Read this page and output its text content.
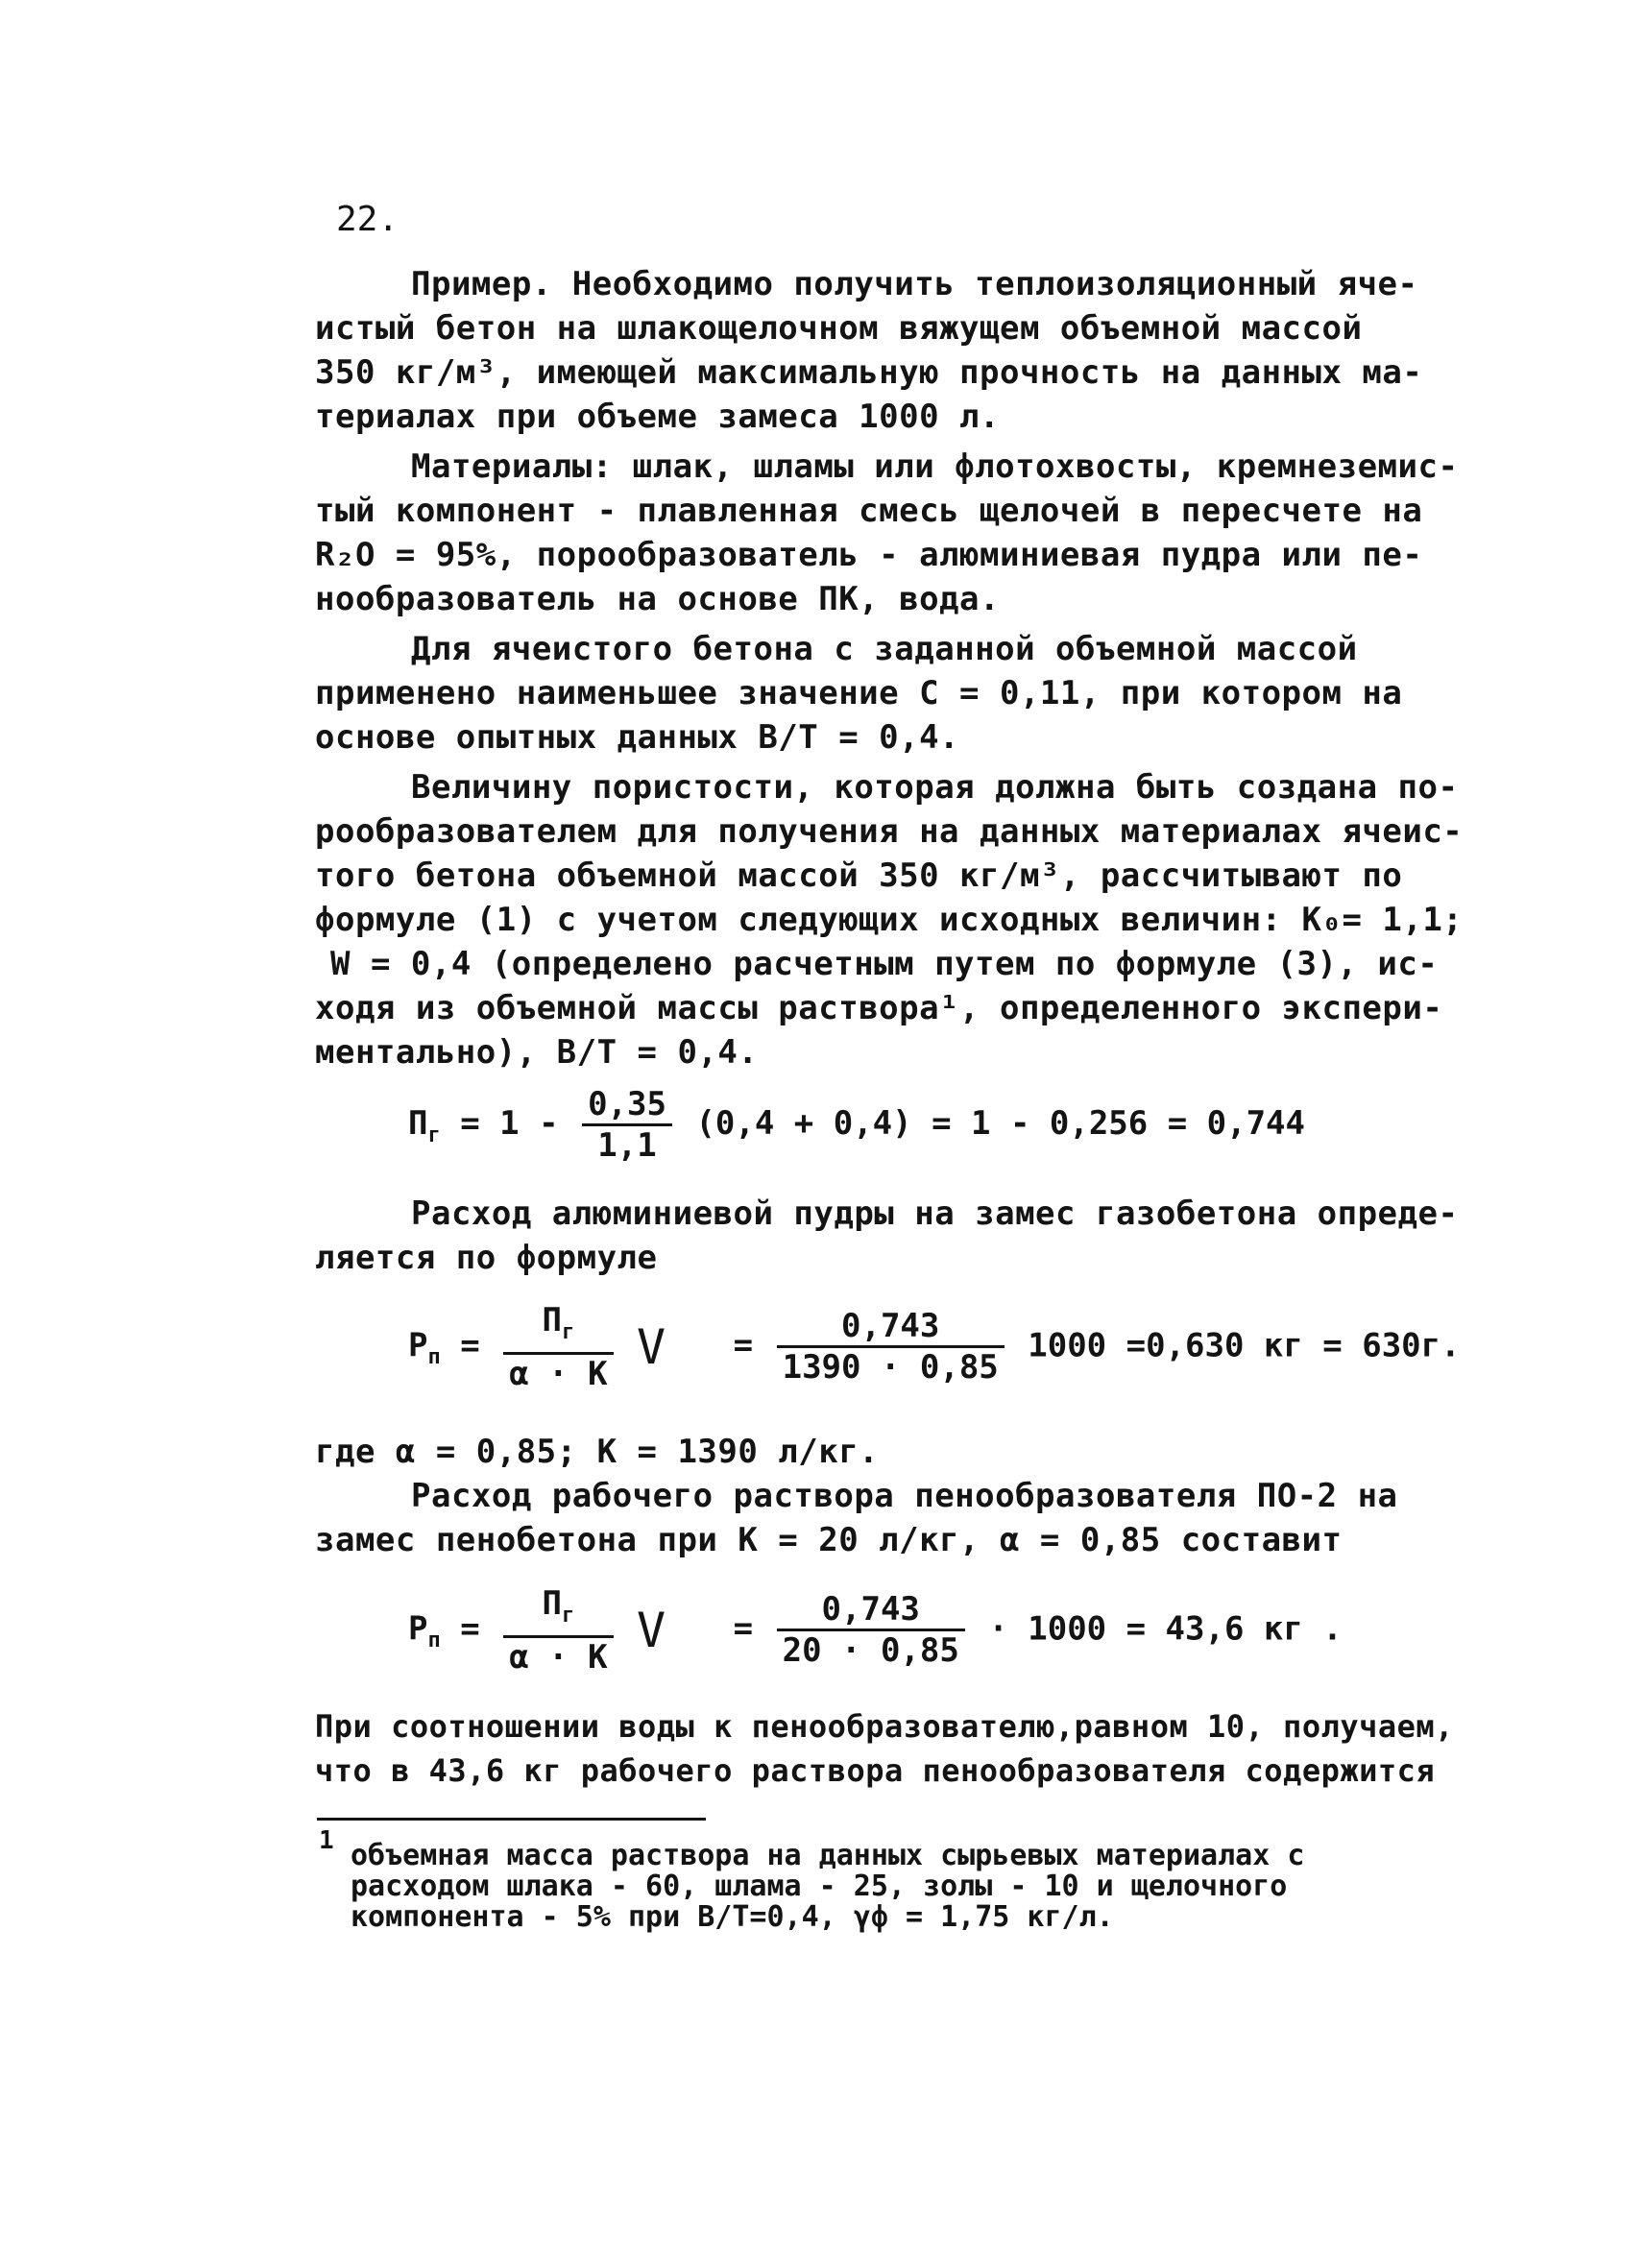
22.
Пример. Необходимо получить теплоизоляционный яче-
истый бетон на шлакощелочном вяжущем объемной массой
350 кг/м³, имеющей максимальную прочность на данных ма-
териалах при объеме замеса 1000 л.
Материалы: шлак, шламы или флотохвосты, кремнеземис-
тый компонент - плавленная смесь щелочей в пересчете на
R₂O = 95%, порообразователь - алюминиевая пудра или пе-
нообразователь на основе ПК, вода.
Для ячеистого бетона с заданной объемной массой
применено наименьшее значение С = 0,11, при котором на
основе опытных данных В/Т = 0,4.
Величину пористости, которая должна быть создана по-
рообразователем для получения на данных материалах ячеис-
того бетона объемной массой 350 кг/м³, рассчитывают по
формуле (1) с учетом следующих исходных величин: К₀= 1,1;
W = 0,4 (определено расчетным путем по формуле (3), ис-
ходя из объемной массы раствора¹, определенного экспери-
ментально), В/Т = 0,4.
$П_г = 1 - \frac{0,35}{1,1} (0,4 + 0,4) = 1 - 0,256 = 0,744$
Расход алюминиевой пудры на замес газобетона опреде-
ляется по формуле
$Р_п = \frac{П_г}{\alpha \cdot К}$ $V = \frac{0,743}{1390 \cdot 0,85} 1000 =0,630$ кг = 630г.
где α = 0,85; К = 1390 л/кг.
Расход рабочего раствора пенообразователя ПО-2 на
замес пенобетона при К = 20 л/кг, α = 0,85 составит
$Р_п = \frac{П_г}{\alpha \cdot К}$ $V = \frac{0,743}{20 \cdot 0,85} \cdot 1000 = 43,6$ кг .
При соотношении воды к пенообразователю,равном 10, получаем,
что в 43,6 кг рабочего раствора пенообразователя содержится
1 объемная масса раствора на данных сырьевых материалах с
расходом шлака - 60, шлама - 25, золы - 10 и щелочного
компонента - 5% при В/Т=0,4, γф = 1,75 кг/л.
